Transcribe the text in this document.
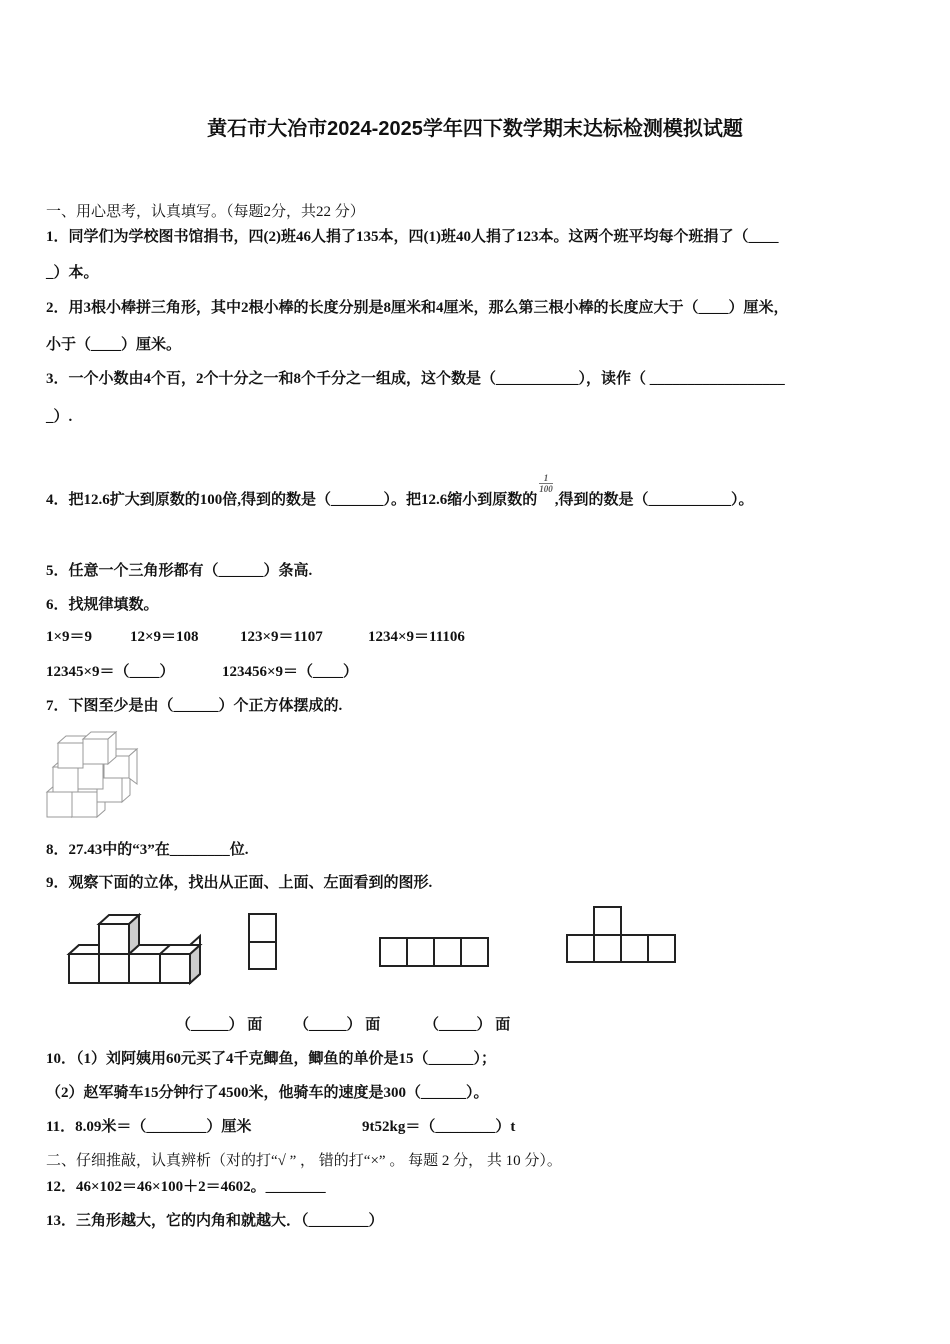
黄石市大冶市2024-2025学年四下数学期末达标检测模拟试题
一、用心思考，认真填写。（每题2分，共22 分）
1．同学们为学校图书馆捐书，四(2)班46人捐了135本，四(1)班40人捐了123本。这两个班平均每个班捐了（____
_）本。
2．用3根小棒拼三角形，其中2根小棒的长度分别是8厘米和4厘米，那么第三根小棒的长度应大于（____）厘米，
小于（____）厘米。
3．一个小数由4个百，2个十分之一和8个千分之一组成，这个数是（___________），读作（ __________________
_）.
4．把12.6扩大到原数的100倍,得到的数是（_______）。把12.6缩小到原数的
$\frac{1}{100}$
,得到的数是（___________）。
5．任意一个三角形都有（______）条高.
6．找规律填数。
1×9＝9	12×9＝108	123×9＝1107	1234×9＝11106
12345×9＝（____）	123456×9＝（____）
7．下图至少是由（______）个正方体摆成的.
8．27.43中的“3”在________位.
9．观察下面的立体，找出从正面、上面、左面看到的图形.
（_____） 面 （_____） 面	（_____） 面
10．（1）刘阿姨用60元买了4千克鲫鱼，鲫鱼的单价是15（______）；
（2）赵军骑车15分钟行了4500米，他骑车的速度是300（______）。
11．8.09米＝（________）厘米	9t52kg＝（________）t
二、仔细推敲，认真辨析（对的打“√ ” ， 错的打“×” 。 每题 2 分， 共 10 分）。
12．46×102＝46×100＋2＝4602。________
13．三角形越大，它的内角和就越大．（________）
